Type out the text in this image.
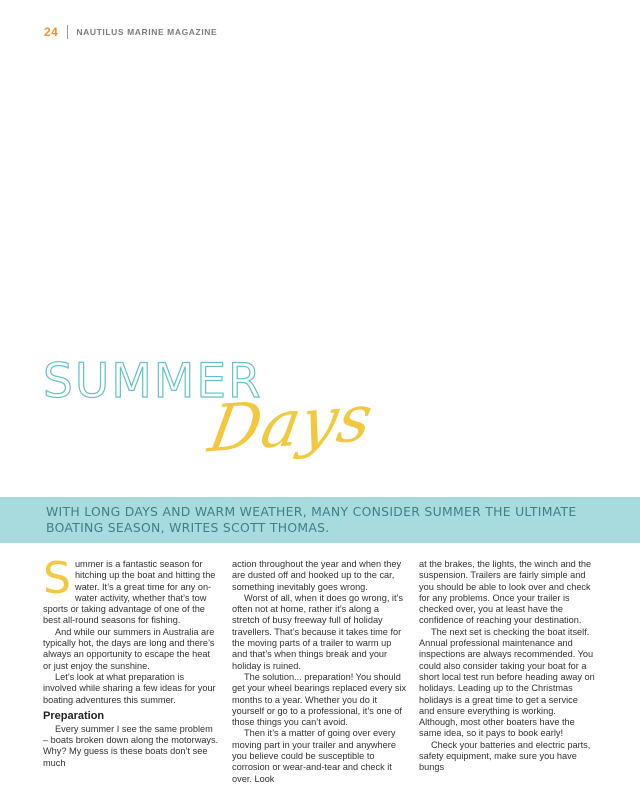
24 NAUTILUS MARINE MAGAZINE
SUMMER
Days

WITH LONG DAYS AND WARM WEATHER, MANY CONSIDER SUMMER THE ULTIMATE BOATING SEASON, WRITES SCOTT THOMAS.

S ummer is a fantastic season for hitching up the boat and hitting the water. It’s a great time for any on-water activity, whether that’s tow sports or taking advantage of one of the best all-round seasons for fishing.

And while our summers in Australia are typically hot, the days are long and there’s always an opportunity to escape the heat or just enjoy the sunshine.

Let’s look at what preparation is involved while sharing a few ideas for your boating adventures this summer.

Preparation

Every summer I see the same problem – boats broken down along the motorways. Why? My guess is these boats don’t see much

action throughout the year and when they are dusted off and hooked up to the car, something inevitably goes wrong.

Worst of all, when it does go wrong, it’s often not at home, rather it’s along a stretch of busy freeway full of holiday travellers. That’s because it takes time for the moving parts of a trailer to warm up and that’s when things break and your holiday is ruined.

The solution... preparation! You should get your wheel bearings replaced every six months to a year. Whether you do it yourself or go to a professional, it’s one of those things you can’t avoid.

Then it’s a matter of going over every moving part in your trailer and anywhere you believe could be susceptible to corrosion or wear-and-tear and check it over. Look

at the brakes, the lights, the winch and the suspension. Trailers are fairly simple and you should be able to look over and check for any problems. Once your trailer is checked over, you at least have the confidence of reaching your destination.

The next set is checking the boat itself. Annual professional maintenance and inspections are always recommended. You could also consider taking your boat for a short local test run before heading away on holidays. Leading up to the Christmas holidays is a great time to get a service and ensure everything is working. Although, most other boaters have the same idea, so it pays to book early!

Check your batteries and electric parts, safety equipment, make sure you have bungs
